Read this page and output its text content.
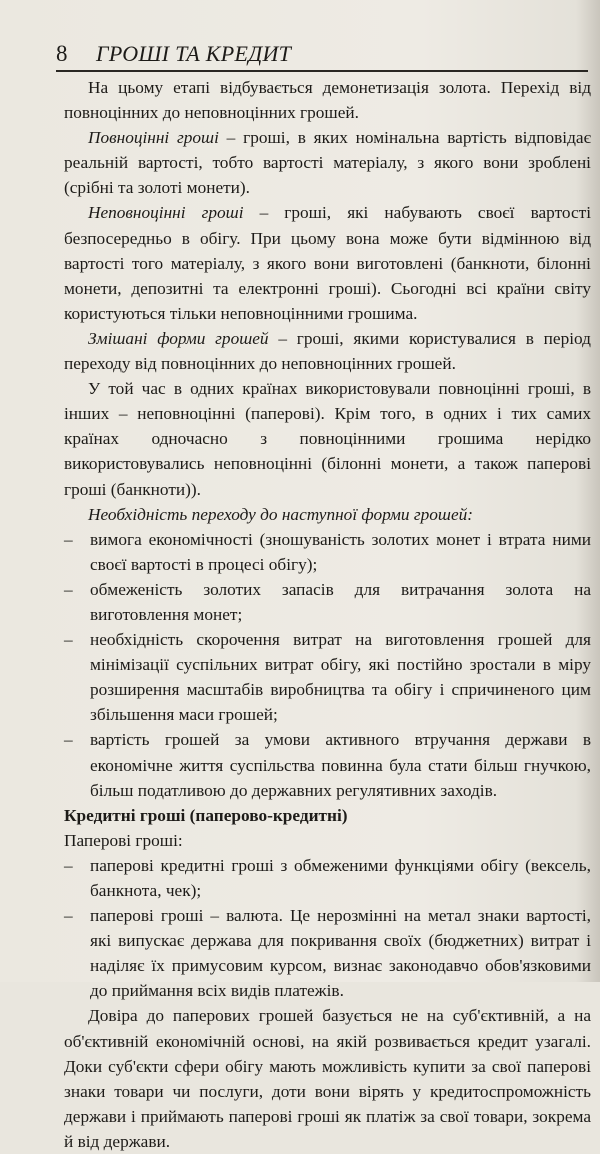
8 ГРОШІ ТА КРЕДИТ

На цьому етапі відбувається демонетизація золота. Перехід від повноцінних до неповноцінних грошей.

Повноцінні гроші – гроші, в яких номінальна вартість відповідає реальній вартості, тобто вартості матеріалу, з якого вони зроблені (срібні та золоті монети).

Неповноцінні гроші – гроші, які набувають своєї вартості безпосередньо в обігу. При цьому вона може бути відмінною від вартості того матеріалу, з якого вони виготовлені (банкноти, білонні монети, депозитні та електронні гроші). Сьогодні всі країни світу користуються тільки неповноцінними грошима.

Змішані форми грошей – гроші, якими користувалися в період переходу від повноцінних до неповноцінних грошей.

У той час в одних країнах використовували повноцінні гроші, в інших – неповноцінні (паперові). Крім того, в одних і тих самих країнах одночасно з повноцінними грошима нерідко використовувались неповноцінні (білонні монети, а також паперові гроші (банкноти)).

Необхідність переходу до наступної форми грошей:

– вимога економічності (зношуваність золотих монет і втрата ними своєї вартості в процесі обігу);

– обмеженість золотих запасів для витрачання золота на виготовлення монет;

– необхідність скорочення витрат на виготовлення грошей для мінімізації суспільних витрат обігу, які постійно зростали в міру розширення масштабів виробництва та обігу і спричиненого цим збільшення маси грошей;

– вартість грошей за умови активного втручання держави в економічне життя суспільства повинна була стати більш гнучкою, більш податливою до державних регулятивних заходів.

Кредитні гроші (паперово-кредитні)

Паперові гроші:

– паперові кредитні гроші з обмеженими функціями обігу (вексель, банкнота, чек);

– паперові гроші – валюта. Це нерозмінні на метал знаки вартості, які випускає держава для покривання своїх (бюджетних) витрат і наділяє їх примусовим курсом, визнає законодавчо обов'язковими до приймання всіх видів платежів.

Довіра до паперових грошей базується не на суб'єктивній, а на об'єктивній економічній основі, на якій розвивається кредит узагалі. Доки суб'єкти сфери обігу мають можливість купити за свої паперові знаки товари чи послуги, доти вони вірять у кредитоспроможність держави і приймають паперові гроші як платіж за свої товари, зокрема й від держави.
